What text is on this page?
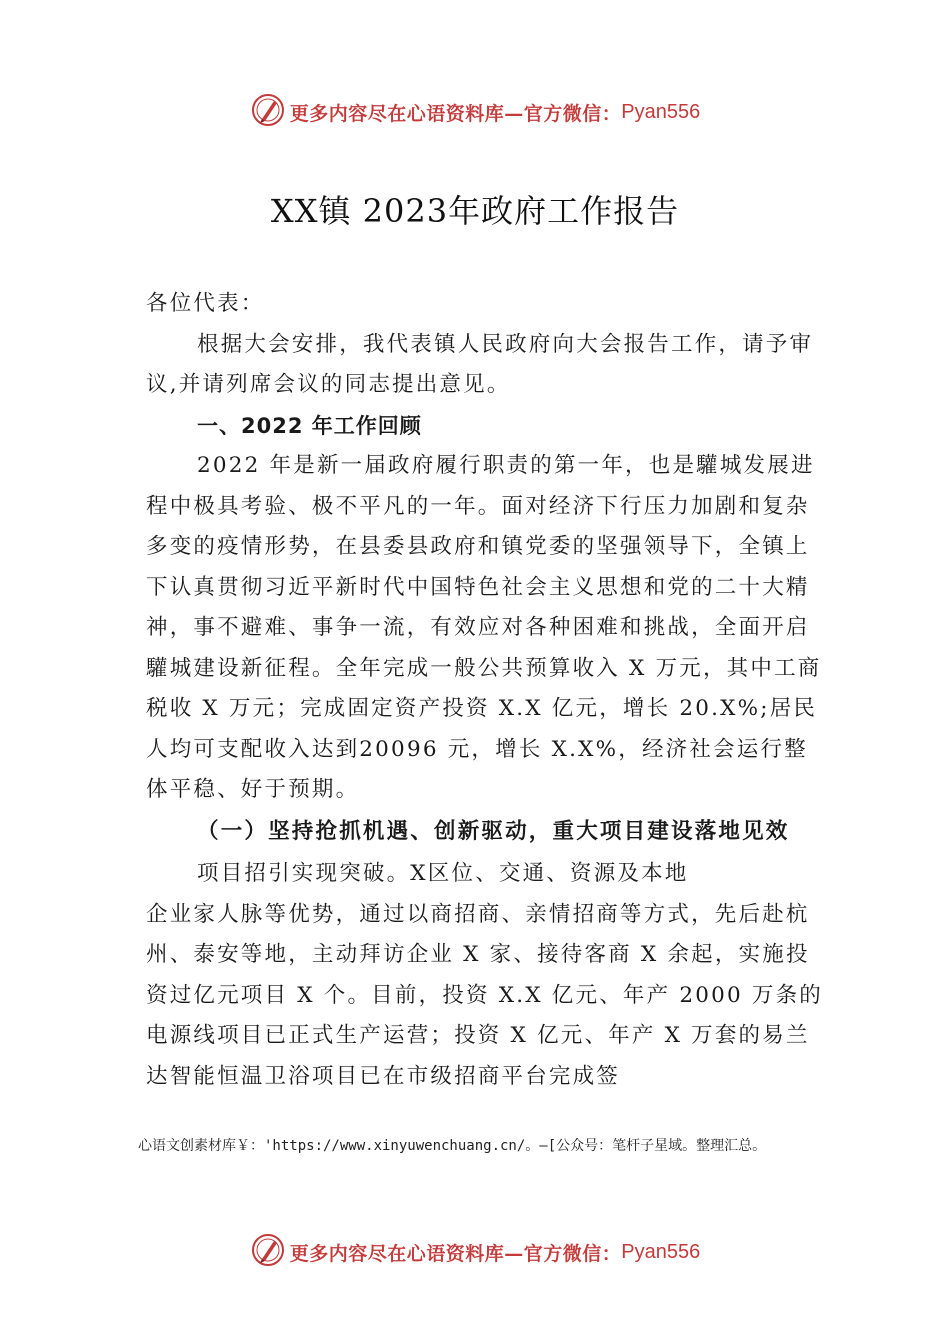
更多内容尽在心语资料库—官方微信： Pyan556
XX镇 2023年政府工作报告

各位代表：

根据大会安排，我代表镇人民政府向大会报告工作，请予审议,并请列席会议的同志提出意见。

一、2022 年工作回顾

2022 年是新一届政府履行职责的第一年，也是驩城发展进程中极具考验、极不平凡的一年。面对经济下行压力加剧和复杂多变的疫情形势，在县委县政府和镇党委的坚强领导下，全镇上下认真贯彻习近平新时代中国特色社会主义思想和党的二十大精神，事不避难、事争一流，有效应对各种困难和挑战，全面开启驩城建设新征程。全年完成一般公共预算收入 X 万元，其中工商税收 X 万元；完成固定资产投资 X.X 亿元，增长 20.X%;居民人均可支配收入达到20096 元，增长 X.X%，经济社会运行整体平稳、好于预期。

（一）坚持抢抓机遇、创新驱动，重大项目建设落地见效

项目招引实现突破。X区位、交通、资源及本地

企业家人脉等优势，通过以商招商、亲情招商等方式，先后赴杭州、泰安等地，主动拜访企业 X 家、接待客商 X 余起，实施投资过亿元项目 X 个。目前，投资 X.X 亿元、年产 2000 万条的电源线项目已正式生产运营；投资 X 亿元、年产 X 万套的易兰达智能恒温卫浴项目已在市级招商平台完成签

心语文创素材库￥：'https://www.xinyuwenchuang.cn/。—[公众号：笔杆子星域。整理汇总。
更多内容尽在心语资料库—官方微信： Pyan556
